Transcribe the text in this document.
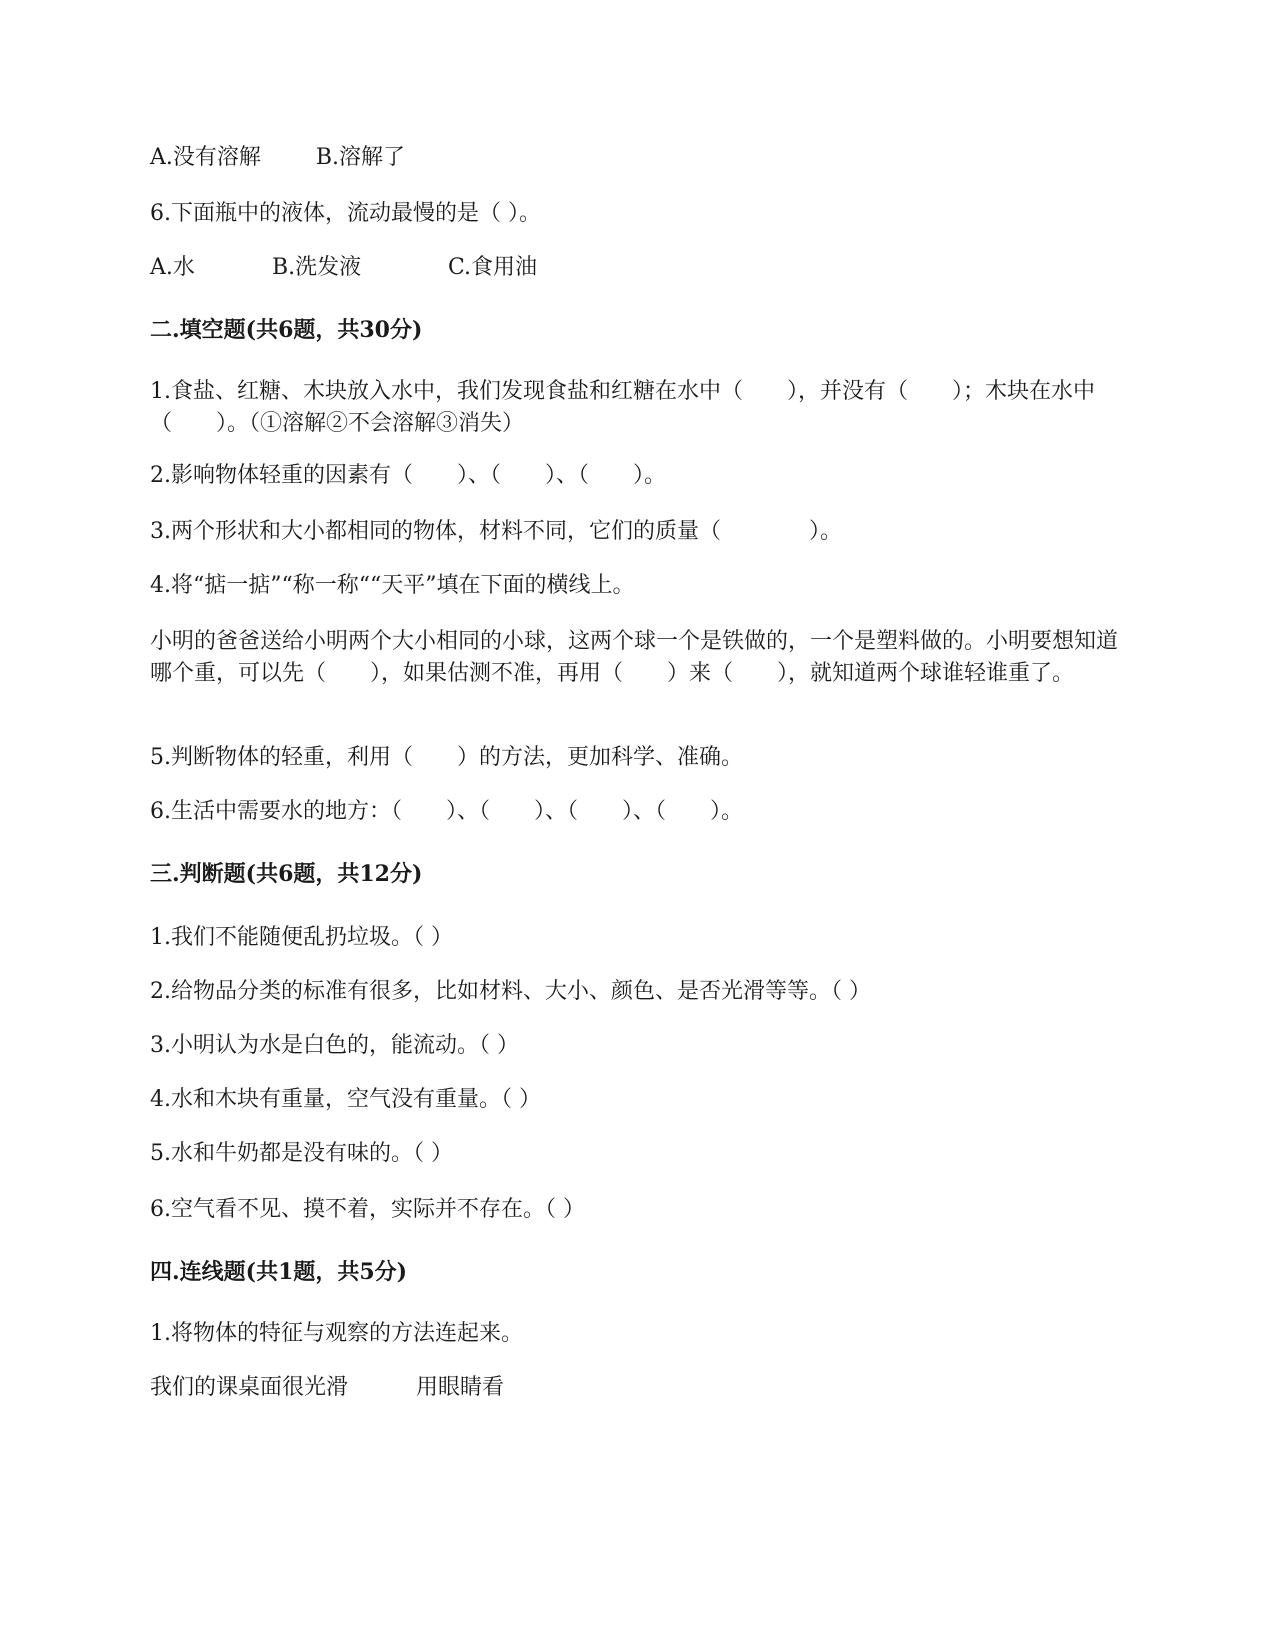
A.没有溶解	B.溶解了
6.下面瓶中的液体，流动最慢的是（ ）。
A.水	B.洗发液	C.食用油
二.填空题(共6题，共30分)
1.食盐、红糖、木块放入水中，我们发现食盐和红糖在水中（　　），并没有（　　）；木块在水中（　　）。（①溶解②不会溶解③消失）
2.影响物体轻重的因素有（　　）、（　　）、（　　）。
3.两个形状和大小都相同的物体，材料不同，它们的质量（　　　　）。
4.将“掂一掂”“称一称““天平”填在下面的横线上。
小明的爸爸送给小明两个大小相同的小球，这两个球一个是铁做的，一个是塑料做的。小明要想知道哪个重，可以先（　　），如果估测不准，再用（　　）来（　　），就知道两个球谁轻谁重了。
5.判断物体的轻重，利用（　　）的方法，更加科学、准确。
6.生活中需要水的地方：（　　）、（　　）、（　　）、（　　）。
三.判断题(共6题，共12分)
1.我们不能随便乱扔垃圾。（ ）
2.给物品分类的标准有很多，比如材料、大小、颜色、是否光滑等等。（ ）
3.小明认为水是白色的，能流动。（ ）
4.水和木块有重量，空气没有重量。（ ）
5.水和牛奶都是没有味的。（ ）
6.空气看不见、摸不着，实际并不存在。（ ）
四.连线题(共1题，共5分)
1.将物体的特征与观察的方法连起来。
我们的课桌面很光滑	用眼睛看
